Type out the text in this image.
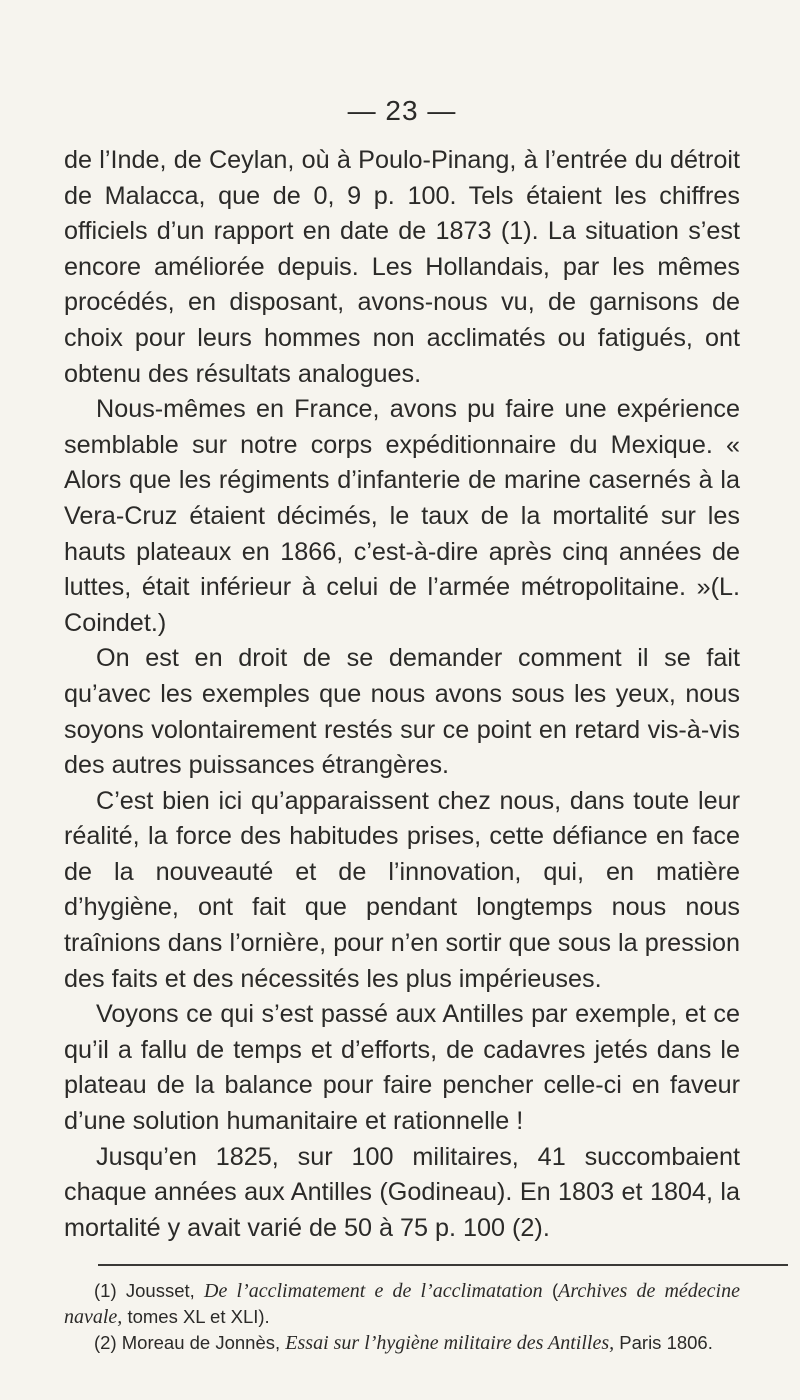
— 23 —

de l’Inde, de Ceylan, où à Poulo-Pinang, à l’entrée du détroit de Malacca, que de 0, 9 p. 100. Tels étaient les chiffres officiels d’un rapport en date de 1873 (1). La situation s’est encore améliorée depuis. Les Hollandais, par les mêmes procédés, en disposant, avons-nous vu, de garnisons de choix pour leurs hommes non acclimatés ou fatigués, ont obtenu des résultats analogues.

Nous-mêmes en France, avons pu faire une expérience semblable sur notre corps expéditionnaire du Mexique. « Alors que les régiments d’infanterie de marine casernés à la Vera-Cruz étaient décimés, le taux de la mortalité sur les hauts plateaux en 1866, c’est-à-dire après cinq années de luttes, était inférieur à celui de l’armée métropolitaine. »(L. Coindet.)

On est en droit de se demander comment il se fait qu’avec les exemples que nous avons sous les yeux, nous soyons volontairement restés sur ce point en retard vis-à-vis des autres puissances étrangères.

C’est bien ici qu’apparaissent chez nous, dans toute leur réalité, la force des habitudes prises, cette défiance en face de la nouveauté et de l’innovation, qui, en matière d’hygiène, ont fait que pendant longtemps nous nous traînions dans l’ornière, pour n’en sortir que sous la pression des faits et des nécessités les plus impérieuses.

Voyons ce qui s’est passé aux Antilles par exemple, et ce qu’il a fallu de temps et d’efforts, de cadavres jetés dans le plateau de la balance pour faire pencher celle-ci en faveur d’une solution humanitaire et rationnelle !

Jusqu’en 1825, sur 100 militaires, 41 succombaient chaque années aux Antilles (Godineau). En 1803 et 1804, la mortalité y avait varié de 50 à 75 p. 100 (2).

(1) Jousset, De l’acclimatement e de l’acclimatation (Archives de médecine navale, tomes XL et XLI).

(2) Moreau de Jonnès, Essai sur l’hygiène militaire des Antilles, Paris 1806.
